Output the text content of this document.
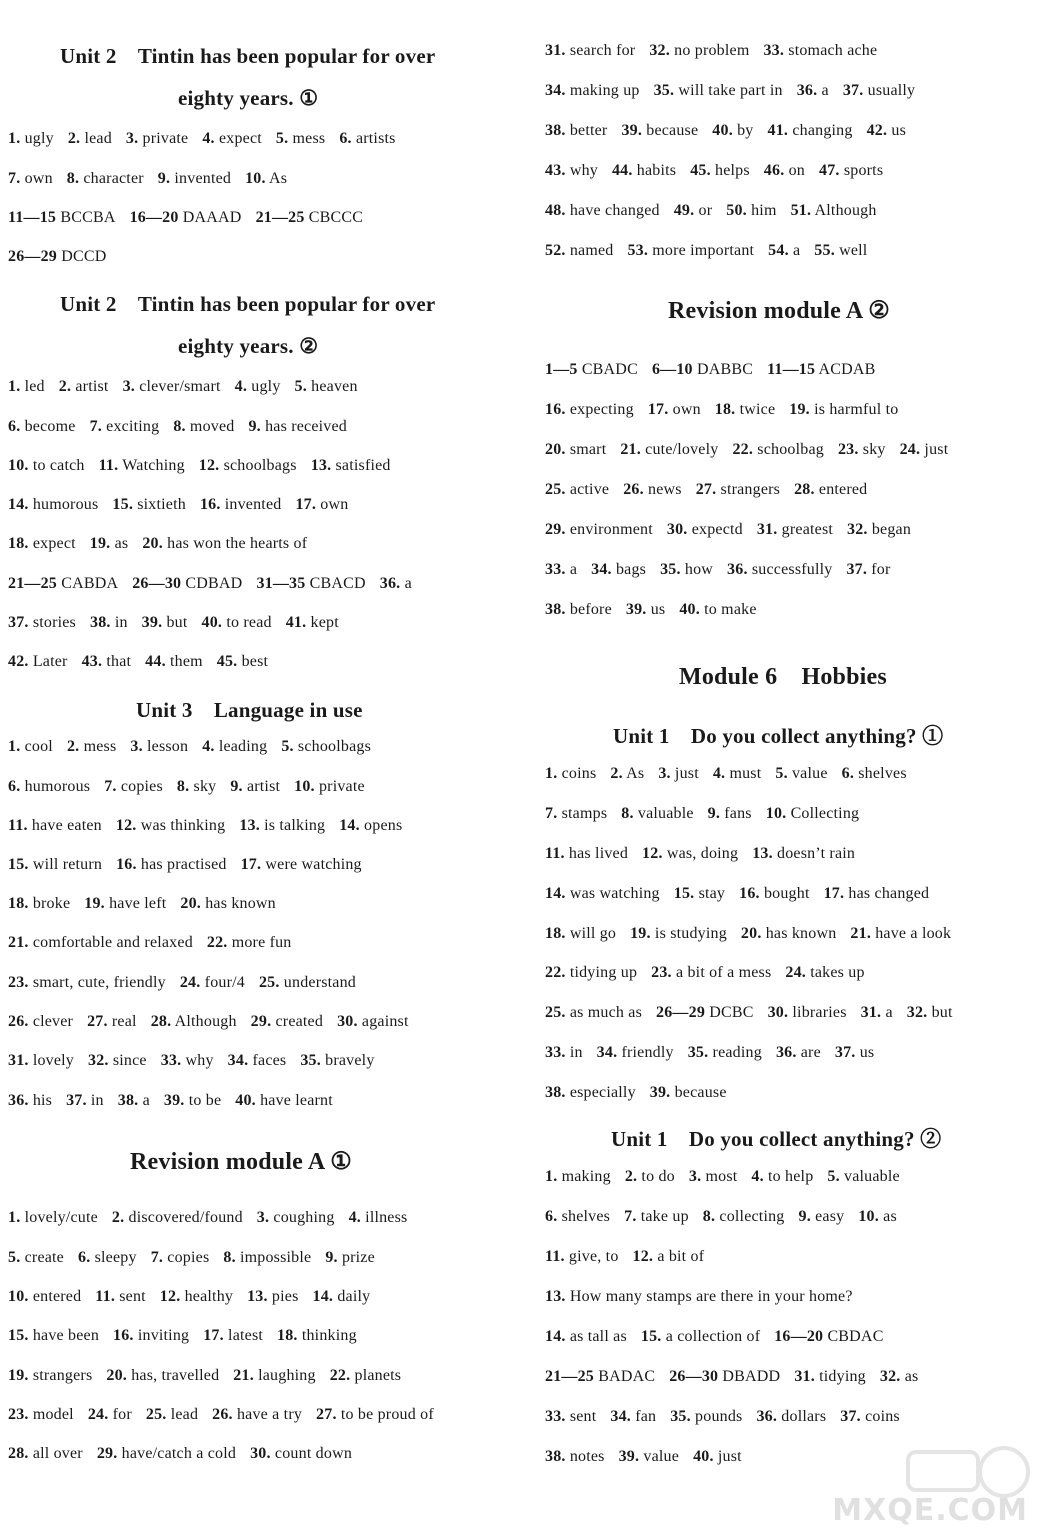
Unit 2　Tintin has been popular for over
eighty years. ①
1. ugly 2. lead 3. private 4. expect 5. mess 6. artists
7. own 8. character 9. invented 10. As
11—15 BCCBA 16—20 DAAAD 21—25 CBCCC
26—29 DCCD
Unit 2　Tintin has been popular for over
eighty years. ②
1. led 2. artist 3. clever/smart 4. ugly 5. heaven
6. become 7. exciting 8. moved 9. has received
10. to catch 11. Watching 12. schoolbags 13. satisfied
14. humorous 15. sixtieth 16. invented 17. own
18. expect 19. as 20. has won the hearts of
21—25 CABDA 26—30 CDBAD 31—35 CBACD 36. a
37. stories 38. in 39. but 40. to read 41. kept
42. Later 43. that 44. them 45. best
Unit 3　Language in use
1. cool 2. mess 3. lesson 4. leading 5. schoolbags
6. humorous 7. copies 8. sky 9. artist 10. private
11. have eaten 12. was thinking 13. is talking 14. opens
15. will return 16. has practised 17. were watching
18. broke 19. have left 20. has known
21. comfortable and relaxed 22. more fun
23. smart, cute, friendly 24. four/4 25. understand
26. clever 27. real 28. Although 29. created 30. against
31. lovely 32. since 33. why 34. faces 35. bravely
36. his 37. in 38. a 39. to be 40. have learnt
Revision module A ①
1. lovely/cute 2. discovered/found 3. coughing 4. illness
5. create 6. sleepy 7. copies 8. impossible 9. prize
10. entered 11. sent 12. healthy 13. pies 14. daily
15. have been 16. inviting 17. latest 18. thinking
19. strangers 20. has, travelled 21. laughing 22. planets
23. model 24. for 25. lead 26. have a try 27. to be proud of
28. all over 29. have/catch a cold 30. count down
31. search for 32. no problem 33. stomach ache
34. making up 35. will take part in 36. a 37. usually
38. better 39. because 40. by 41. changing 42. us
43. why 44. habits 45. helps 46. on 47. sports
48. have changed 49. or 50. him 51. Although
52. named 53. more important 54. a 55. well
Revision module A ②
1—5 CBADC 6—10 DABBC 11—15 ACDAB
16. expecting 17. own 18. twice 19. is harmful to
20. smart 21. cute/lovely 22. schoolbag 23. sky 24. just
25. active 26. news 27. strangers 28. entered
29. environment 30. expectd 31. greatest 32. began
33. a 34. bags 35. how 36. successfully 37. for
38. before 39. us 40. to make
Module 6　Hobbies
Unit 1　Do you collect anything? ①
1. coins 2. As 3. just 4. must 5. value 6. shelves
7. stamps 8. valuable 9. fans 10. Collecting
11. has lived 12. was, doing 13. doesn’t rain
14. was watching 15. stay 16. bought 17. has changed
18. will go 19. is studying 20. has known 21. have a look
22. tidying up 23. a bit of a mess 24. takes up
25. as much as 26—29 DCBC 30. libraries 31. a 32. but
33. in 34. friendly 35. reading 36. are 37. us
38. especially 39. because
Unit 1　Do you collect anything? ②
1. making 2. to do 3. most 4. to help 5. valuable
6. shelves 7. take up 8. collecting 9. easy 10. as
11. give, to 12. a bit of
13. How many stamps are there in your home?
14. as tall as 15. a collection of 16—20 CBDAC
21—25 BADAC 26—30 DBADD 31. tidying 32. as
33. sent 34. fan 35. pounds 36. dollars 37. coins
38. notes 39. value 40. just
MXQE.COM
